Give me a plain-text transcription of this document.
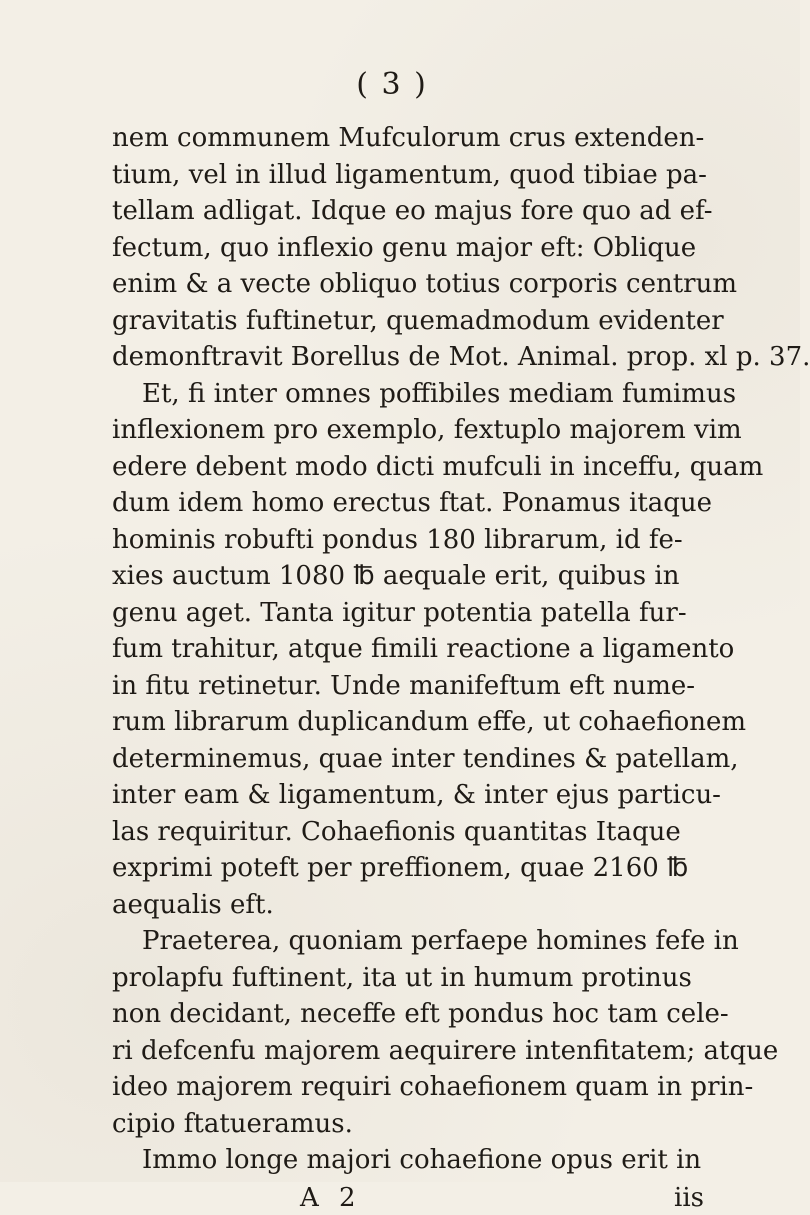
( 3 )
nem communem Mufculorum crus extenden-
tium, vel in illud ligamentum, quod tibiae pa-
tellam adligat. Idque eo majus fore quo ad ef-
fectum, quo inflexio genu major eft: Oblique
enim & a vecte obliquo totius corporis centrum
gravitatis fuftinetur, quemadmodum evidenter
demonftravit Borellus de Mot. Animal. prop. xl p. 37.
Et, fi inter omnes poffibiles mediam fumimus
inflexionem pro exemplo, fextuplo majorem vim
edere debent modo dicti mufculi in inceffu, quam
dum idem homo erectus ftat. Ponamus itaque
hominis robufti pondus 180 librarum, id fe-
xies auctum 1080 ℔ aequale erit, quibus in
genu aget. Tanta igitur potentia patella fur-
fum trahitur, atque fimili reactione a ligamento
in fitu retinetur. Unde manifeftum eft nume-
rum librarum duplicandum effe, ut cohaefionem
determinemus, quae inter tendines & patellam,
inter eam & ligamentum, & inter ejus particu-
las requiritur. Cohaefionis quantitas Itaque
exprimi poteft per preffionem, quae 2160 ℔
aequalis eft.
Praeterea, quoniam perfaepe homines fefe in
prolapfu fuftinent, ita ut in humum protinus
non decidant, neceffe eft pondus hoc tam cele-
ri defcenfu majorem aequirere intenfitatem; atque
ideo majorem requiri cohaefionem quam in prin-
cipio ftatueramus.
Immo longe majori cohaefione opus erit in
A 2	iis
